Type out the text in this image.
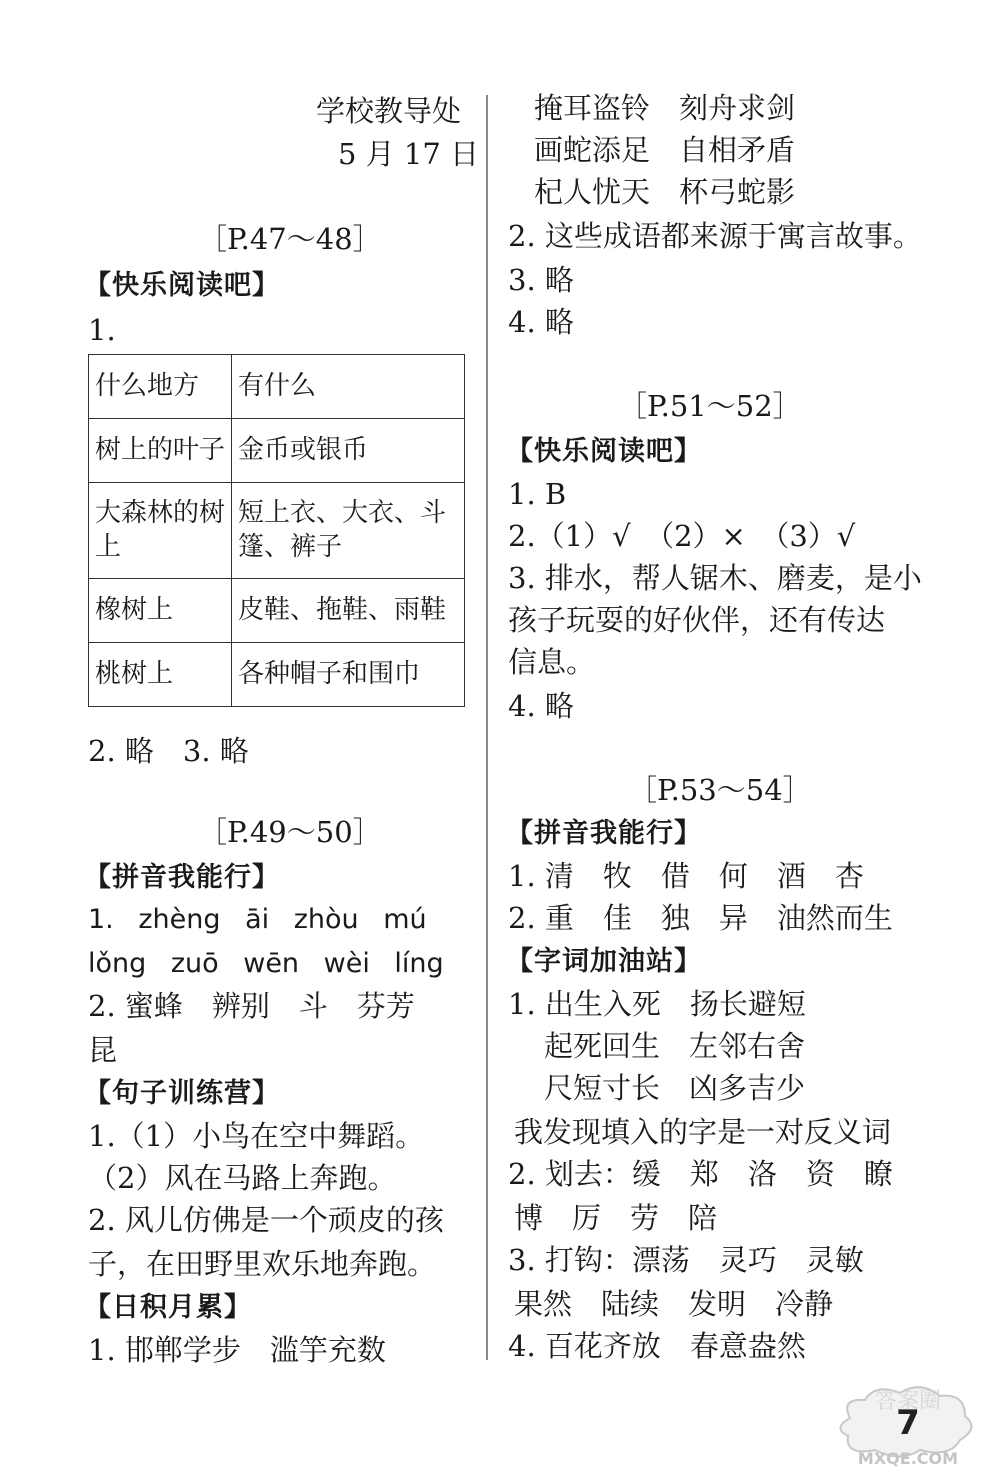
学校教导处
5 月 17 日
［P.47～48］
【快乐阅读吧】
1.
什么地方	有什么
树上的叶子	金币或银币
大森林的树上	短上衣、大衣、斗篷、裤子
橡树上	皮鞋、拖鞋、雨鞋
桃树上	各种帽子和围巾
2. 略　3. 略
［P.49～50］
【拼音我能行】
1. zhèng āi zhòu mú
lǒng zuō wēn wèi líng
2. 蜜蜂　辨别　斗　芬芳
昆
【句子训练营】
1.（1）小鸟在空中舞蹈。
（2）风在马路上奔跑。
2. 风儿仿佛是一个顽皮的孩
子，在田野里欢乐地奔跑。
【日积月累】
1. 邯郸学步　滥竽充数
掩耳盗铃　刻舟求剑
画蛇添足　自相矛盾
杞人忧天　杯弓蛇影
2. 这些成语都来源于寓言故事。
3. 略
4. 略
［P.51～52］
【快乐阅读吧】
1. B
2.（1）√　（2）×　（3）√
3. 排水，帮人锯木、磨麦，是小
孩子玩耍的好伙伴，还有传达
信息。
4. 略
［P.53～54］
【拼音我能行】
1. 清　牧　借　何　酒　杏
2. 重　佳　独　异　油然而生
【字词加油站】
1. 出生入死　扬长避短
起死回生　左邻右舍
尺短寸长　凶多吉少
我发现填入的字是一对反义词
2. 划去：缓　郑　洛　资　瞭
博　厉　劳　陪
3. 打钩：漂荡　灵巧　灵敏
果然　陆续　发明　冷静
4. 百花齐放　春意盎然
7
答案圈
MXQE.COM
